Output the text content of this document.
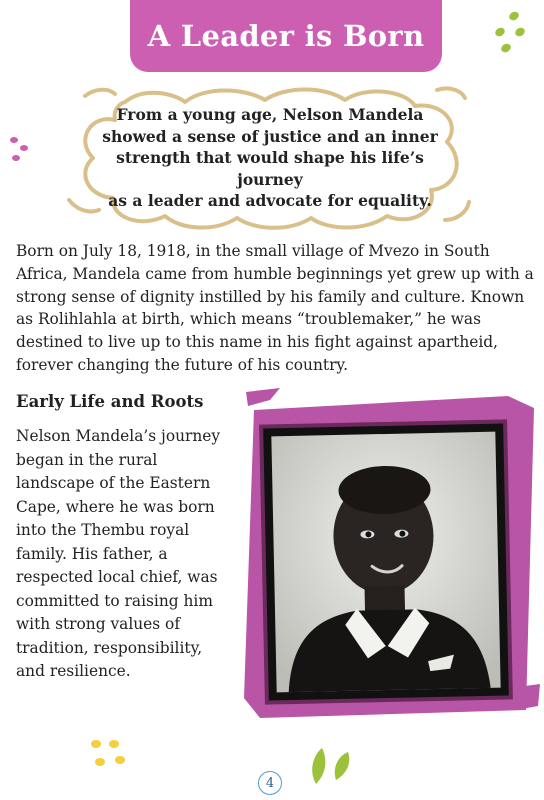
A Leader is Born

From a young age, Nelson Mandela
showed a sense of justice and an inner
strength that would shape his life’s journey
as a leader and advocate for equality.

Born on July 18, 1918, in the small village of Mvezo in South Africa, Mandela came from humble beginnings yet grew up with a strong sense of dignity instilled by his family and culture. Known as Rolihlahla at birth, which means “troublemaker,” he was destined to live up to this name in his fight against apartheid, forever changing the future of his country.

Early Life and Roots

Nelson Mandela’s journey began in the rural landscape of the Eastern Cape, where he was born into the Thembu royal family. His father, a respected local chief, was committed to raising him with strong values of tradition, responsibility, and resilience.

4
